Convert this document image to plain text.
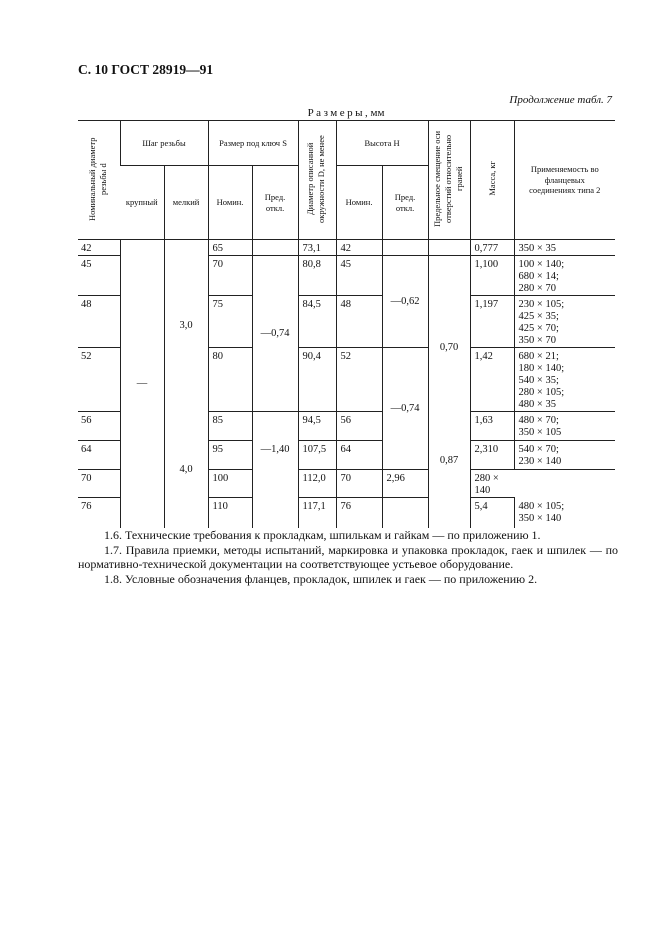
С. 10 ГОСТ 28919—91
Продолжение табл. 7
Размеры, мм
Номинальный диаметр резьбы d	Шаг резьбы		Размер под ключ S		Диаметр описанной окружности D, не менее	Высота H		Предельное смещение оси отверстий относительно граней	Масса, кг	Применяемость во фланцевых соединениях типа 2
	крупный	мелкий	Номин.	Пред. откл.		Номин.	Пред. откл.			
42	—	3,0	65		73,1	42			0,777	350 × 35

45			70	—0,74	80,8	45	—0,62	0,70	1,100	100 × 140;
680 × 14;
280 × 70

48			75		84,5	48			1,197	230 × 105;
425 × 35;
425 × 70;
350 × 70

52			80		90,4	52	—0,74		1,42	680 × 21;
180 × 140;
540 × 35;
280 × 105;
480 × 35

56		4,0	85	—1,40	94,5	56			1,63	480 × 70;
350 × 105

64			95		107,5	64		0,87	2,310	540 × 70;
230 × 140

70			100		112,0	70	2,96		280 × 140	

76			110		117,1	76			5,4	480 × 105;
350 × 140

1.6. Технические требования к прокладкам, шпилькам и гайкам — по приложению 1.

1.7. Правила приемки, методы испытаний, маркировка и упаковка прокладок, гаек и шпилек — по нормативно-технической документации на соответствующее устьевое оборудование.

1.8. Условные обозначения фланцев, прокладок, шпилек и гаек — по приложению 2.
